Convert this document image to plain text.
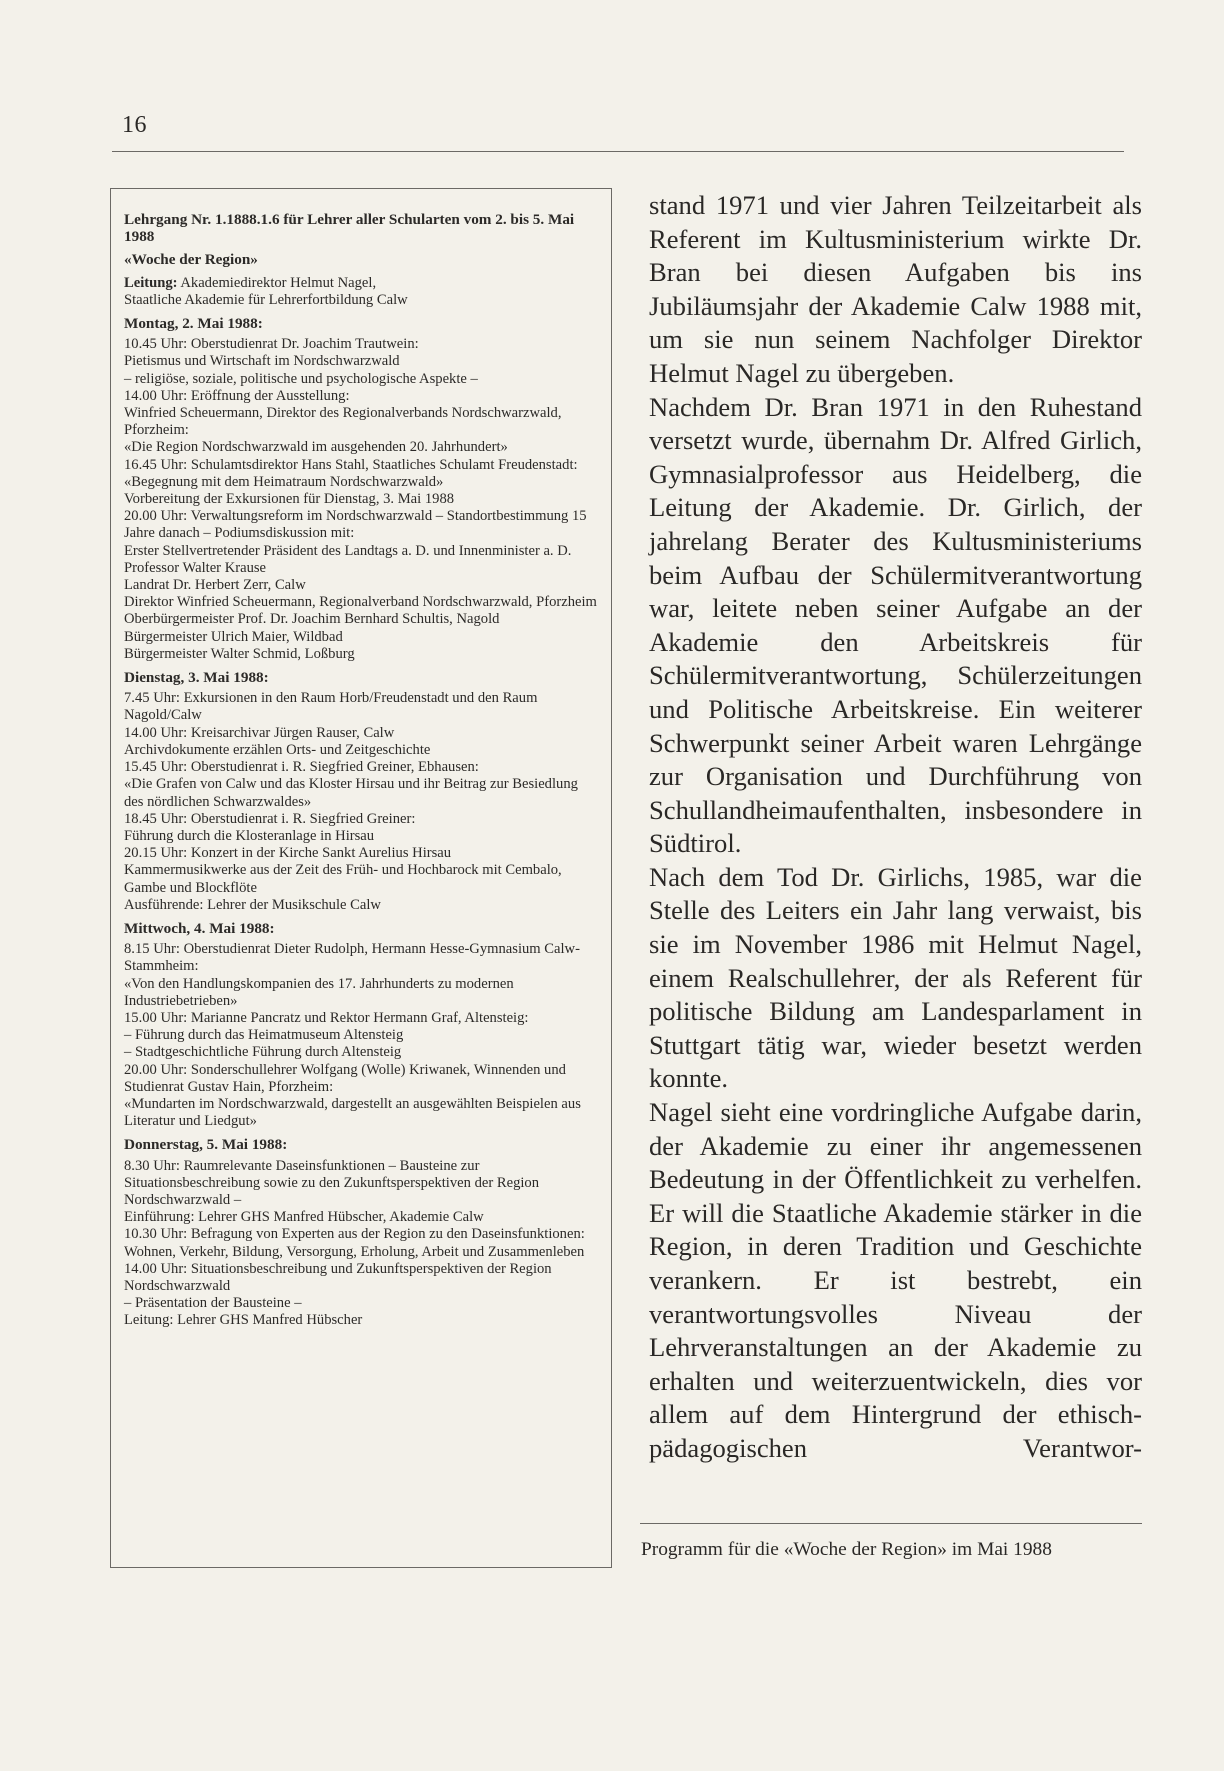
16
Lehrgang Nr. 1.1888.1.6 für Lehrer aller Schularten vom 2. bis 5. Mai 1988
«Woche der Region»
Leitung: Akademiedirektor Helmut Nagel,
Staatliche Akademie für Lehrerfortbildung Calw
Montag, 2. Mai 1988:
10.45 Uhr: Oberstudienrat Dr. Joachim Trautwein:
Pietismus und Wirtschaft im Nordschwarzwald
– religiöse, soziale, politische und psychologische Aspekte –
14.00 Uhr: Eröffnung der Ausstellung:
Winfried Scheuermann, Direktor des Regionalverbands Nordschwarzwald, Pforzheim:
«Die Region Nordschwarzwald im ausgehenden 20. Jahrhundert»
16.45 Uhr: Schulamtsdirektor Hans Stahl, Staatliches Schulamt Freudenstadt:
«Begegnung mit dem Heimatraum Nordschwarzwald»
Vorbereitung der Exkursionen für Dienstag, 3. Mai 1988
20.00 Uhr: Verwaltungsreform im Nordschwarzwald – Standortbestimmung 15 Jahre danach – Podiumsdiskussion mit:
Erster Stellvertretender Präsident des Landtags a. D. und Innenminister a. D. Professor Walter Krause
Landrat Dr. Herbert Zerr, Calw
Direktor Winfried Scheuermann, Regionalverband Nordschwarzwald, Pforzheim
Oberbürgermeister Prof. Dr. Joachim Bernhard Schultis, Nagold
Bürgermeister Ulrich Maier, Wildbad
Bürgermeister Walter Schmid, Loßburg
Dienstag, 3. Mai 1988:
7.45 Uhr: Exkursionen in den Raum Horb/Freudenstadt und den Raum Nagold/Calw
14.00 Uhr: Kreisarchivar Jürgen Rauser, Calw
Archivdokumente erzählen Orts- und Zeitgeschichte
15.45 Uhr: Oberstudienrat i. R. Siegfried Greiner, Ebhausen:
«Die Grafen von Calw und das Kloster Hirsau und ihr Beitrag zur Besiedlung des nördlichen Schwarzwaldes»
18.45 Uhr: Oberstudienrat i. R. Siegfried Greiner:
Führung durch die Klosteranlage in Hirsau
20.15 Uhr: Konzert in der Kirche Sankt Aurelius Hirsau
Kammermusikwerke aus der Zeit des Früh- und Hochbarock mit Cembalo, Gambe und Blockflöte
Ausführende: Lehrer der Musikschule Calw
Mittwoch, 4. Mai 1988:
8.15 Uhr: Oberstudienrat Dieter Rudolph, Hermann Hesse-Gymnasium Calw-Stammheim:
«Von den Handlungskompanien des 17. Jahrhunderts zu modernen Industriebetrieben»
15.00 Uhr: Marianne Pancratz und Rektor Hermann Graf, Altensteig:
– Führung durch das Heimatmuseum Altensteig
– Stadtgeschichtliche Führung durch Altensteig
20.00 Uhr: Sonderschullehrer Wolfgang (Wolle) Kriwanek, Winnenden und Studienrat Gustav Hain, Pforzheim:
«Mundarten im Nordschwarzwald, dargestellt an ausgewählten Beispielen aus Literatur und Liedgut»
Donnerstag, 5. Mai 1988:
8.30 Uhr: Raumrelevante Daseinsfunktionen – Bausteine zur Situationsbeschreibung sowie zu den Zukunftsperspektiven der Region Nordschwarzwald –
Einführung: Lehrer GHS Manfred Hübscher, Akademie Calw
10.30 Uhr: Befragung von Experten aus der Region zu den Daseinsfunktionen:
Wohnen, Verkehr, Bildung, Versorgung, Erholung, Arbeit und Zusammenleben
14.00 Uhr: Situationsbeschreibung und Zukunftsperspektiven der Region Nordschwarzwald
– Präsentation der Bausteine –
Leitung: Lehrer GHS Manfred Hübscher

stand 1971 und vier Jahren Teilzeitarbeit als Referent im Kultusministerium wirkte Dr. Bran bei diesen Aufgaben bis ins Jubiläumsjahr der Akademie Calw 1988 mit, um sie nun seinem Nachfolger Direktor Helmut Nagel zu übergeben.

Nachdem Dr. Bran 1971 in den Ruhestand versetzt wurde, übernahm Dr. Alfred Girlich, Gymnasialprofessor aus Heidelberg, die Leitung der Akademie. Dr. Girlich, der jahrelang Berater des Kultusministeriums beim Aufbau der Schülermitverantwortung war, leitete neben seiner Aufgabe an der Akademie den Arbeitskreis für Schülermitverantwortung, Schülerzeitungen und Politische Arbeitskreise. Ein weiterer Schwerpunkt seiner Arbeit waren Lehrgänge zur Organisation und Durchführung von Schullandheimaufenthalten, insbesondere in Südtirol.

Nach dem Tod Dr. Girlichs, 1985, war die Stelle des Leiters ein Jahr lang verwaist, bis sie im November 1986 mit Helmut Nagel, einem Realschullehrer, der als Referent für politische Bildung am Landesparlament in Stuttgart tätig war, wieder besetzt werden konnte.

Nagel sieht eine vordringliche Aufgabe darin, der Akademie zu einer ihr angemessenen Bedeutung in der Öffentlichkeit zu verhelfen. Er will die Staatliche Akademie stärker in die Region, in deren Tradition und Geschichte verankern. Er ist bestrebt, ein verantwortungsvolles Niveau der Lehrveranstaltungen an der Akademie zu erhalten und weiterzuentwickeln, dies vor allem auf dem Hintergrund der ethisch-pädagogischen Verantwor-

Programm für die «Woche der Region» im Mai 1988
